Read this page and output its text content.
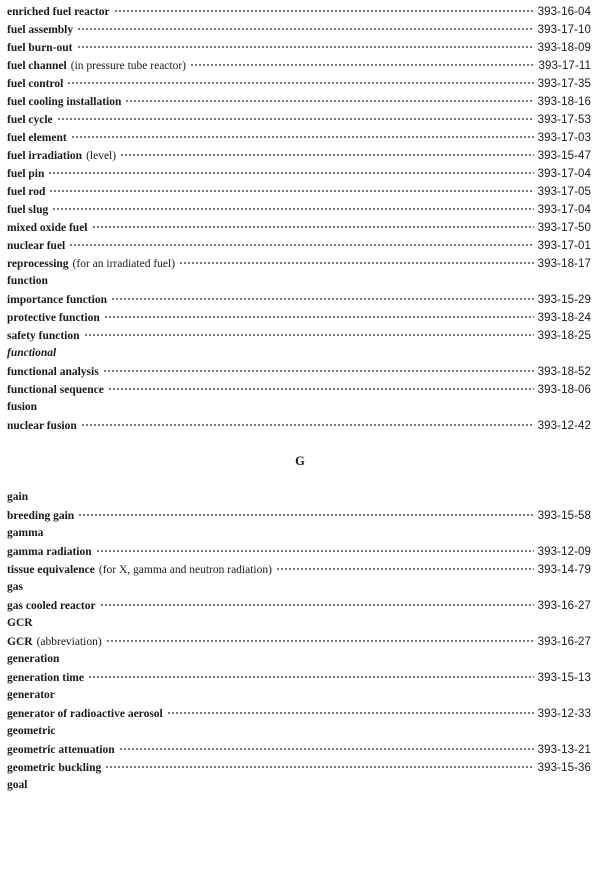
enriched fuel reactor	393-16-04
fuel assembly	393-17-10
fuel burn-out	393-18-09
fuel channel (in pressure tube reactor)	393-17-11
fuel control	393-17-35
fuel cooling installation	393-18-16
fuel cycle	393-17-53
fuel element	393-17-03
fuel irradiation (level)	393-15-47
fuel pin	393-17-04
fuel rod	393-17-05
fuel slug	393-17-04
mixed oxide fuel	393-17-50
nuclear fuel	393-17-01
reprocessing (for an irradiated fuel)	393-18-17
function
importance function	393-15-29
protective function	393-18-24
safety function	393-18-25
functional
functional analysis	393-18-52
functional sequence	393-18-06
fusion
nuclear fusion	393-12-42
G
gain
breeding gain	393-15-58
gamma
gamma radiation	393-12-09
tissue equivalence (for X, gamma and neutron radiation)	393-14-79
gas
gas cooled reactor	393-16-27
GCR
GCR (abbreviation)	393-16-27
generation
generation time	393-15-13
generator
generator of radioactive aerosol	393-12-33
geometric
geometric attenuation	393-13-21
geometric buckling	393-15-36
goal
